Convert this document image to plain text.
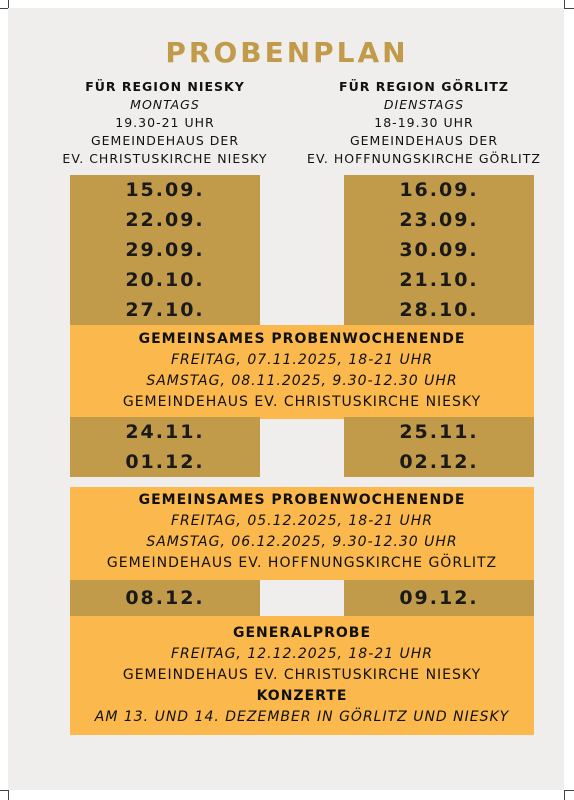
PROBENPLAN
FÜR REGION NIESKY
MONTAGS
19.30-21 UHR
GEMEINDEHAUS DER
EV. CHRISTUSKIRCHE NIESKY
FÜR REGION GÖRLITZ
DIENSTAGS
18-19.30 UHR
GEMEINDEHAUS DER
EV. HOFFNUNGSKIRCHE GÖRLITZ
15.09.
22.09.
29.09.
20.10.
27.10.
16.09.
23.09.
30.09.
21.10.
28.10.
GEMEINSAMES PROBENWOCHENENDE
FREITAG, 07.11.2025, 18-21 UHR
SAMSTAG, 08.11.2025, 9.30-12.30 UHR
GEMEINDEHAUS EV. CHRISTUSKIRCHE NIESKY
24.11.
01.12.
25.11.
02.12.
GEMEINSAMES PROBENWOCHENENDE
FREITAG, 05.12.2025, 18-21 UHR
SAMSTAG, 06.12.2025, 9.30-12.30 UHR
GEMEINDEHAUS EV. HOFFNUNGSKIRCHE GÖRLITZ
08.12.	09.12.
GENERALPROBE
FREITAG, 12.12.2025, 18-21 UHR
GEMEINDEHAUS EV. CHRISTUSKIRCHE NIESKY
KONZERTE
AM 13. UND 14. DEZEMBER IN GÖRLITZ UND NIESKY
